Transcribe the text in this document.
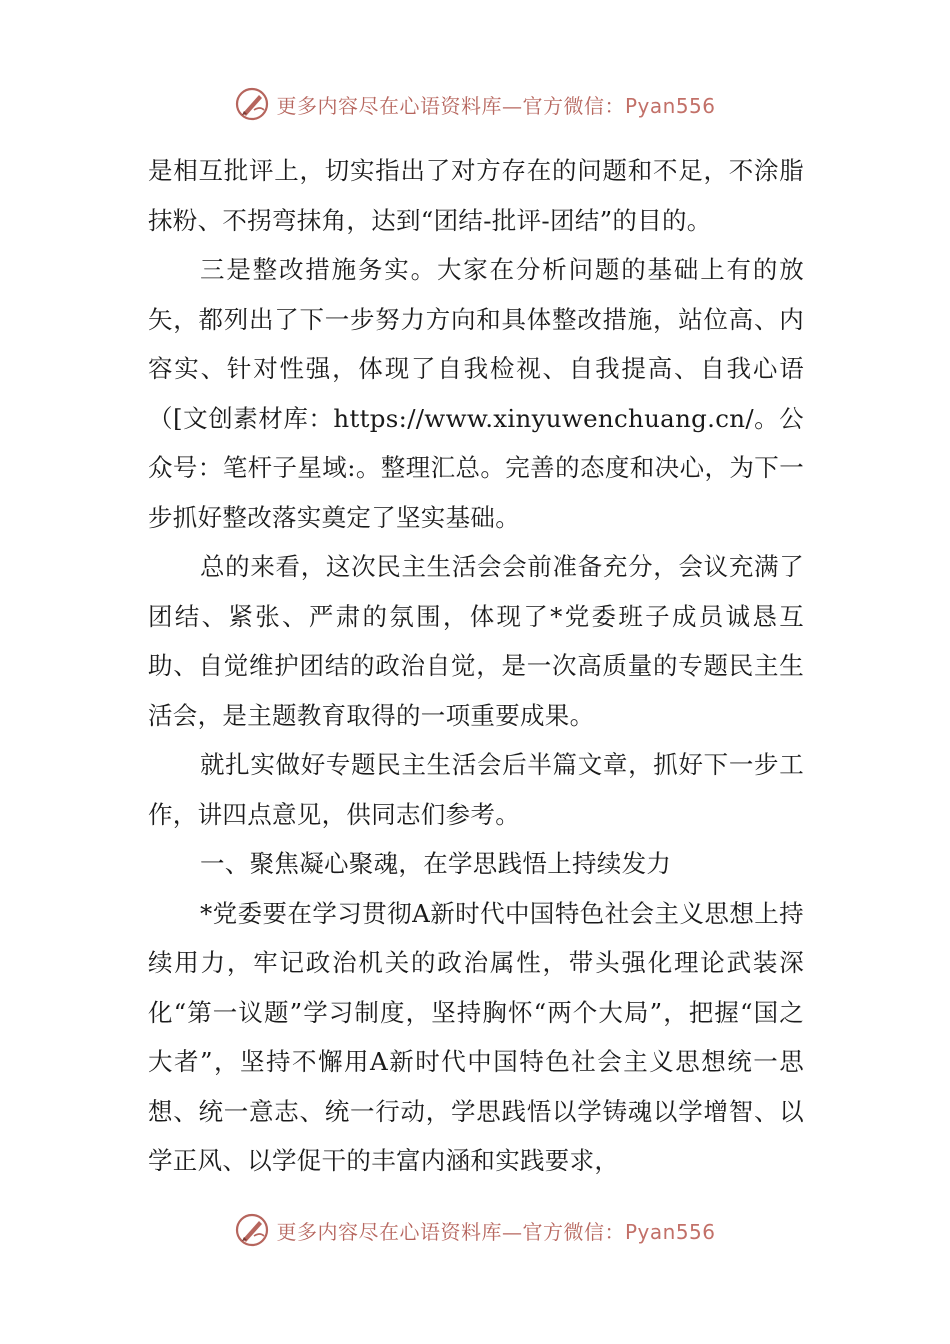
更多内容尽在心语资料库—官方微信：Pyan556

是相互批评上，切实指出了对方存在的问题和不足，不涂脂抹粉、不拐弯抹角，达到“团结-批评-团结”的目的。

三是整改措施务实。大家在分析问题的基础上有的放矢，都列出了下一步努力方向和具体整改措施，站位高、内容实、针对性强，体现了自我检视、自我提高、自我心语（[文创素材库：https://www.xinyuwenchuang.cn/。公众号：笔杆子星域:。整理汇总。完善的态度和决心，为下一步抓好整改落实奠定了坚实基础。

总的来看，这次民主生活会会前准备充分，会议充满了团结、紧张、严肃的氛围，体现了*党委班子成员诚恳互助、自觉维护团结的政治自觉，是一次高质量的专题民主生活会，是主题教育取得的一项重要成果。

就扎实做好专题民主生活会后半篇文章，抓好下一步工作，讲四点意见，供同志们参考。

一、聚焦凝心聚魂，在学思践悟上持续发力

*党委要在学习贯彻A新时代中国特色社会主义思想上持续用力，牢记政治机关的政治属性，带头强化理论武装深化“第一议题”学习制度，坚持胸怀“两个大局”，把握“国之大者”，坚持不懈用A新时代中国特色社会主义思想统一思想、统一意志、统一行动，学思践悟以学铸魂以学增智、以学正风、以学促干的丰富内涵和实践要求，

更多内容尽在心语资料库—官方微信：Pyan556
